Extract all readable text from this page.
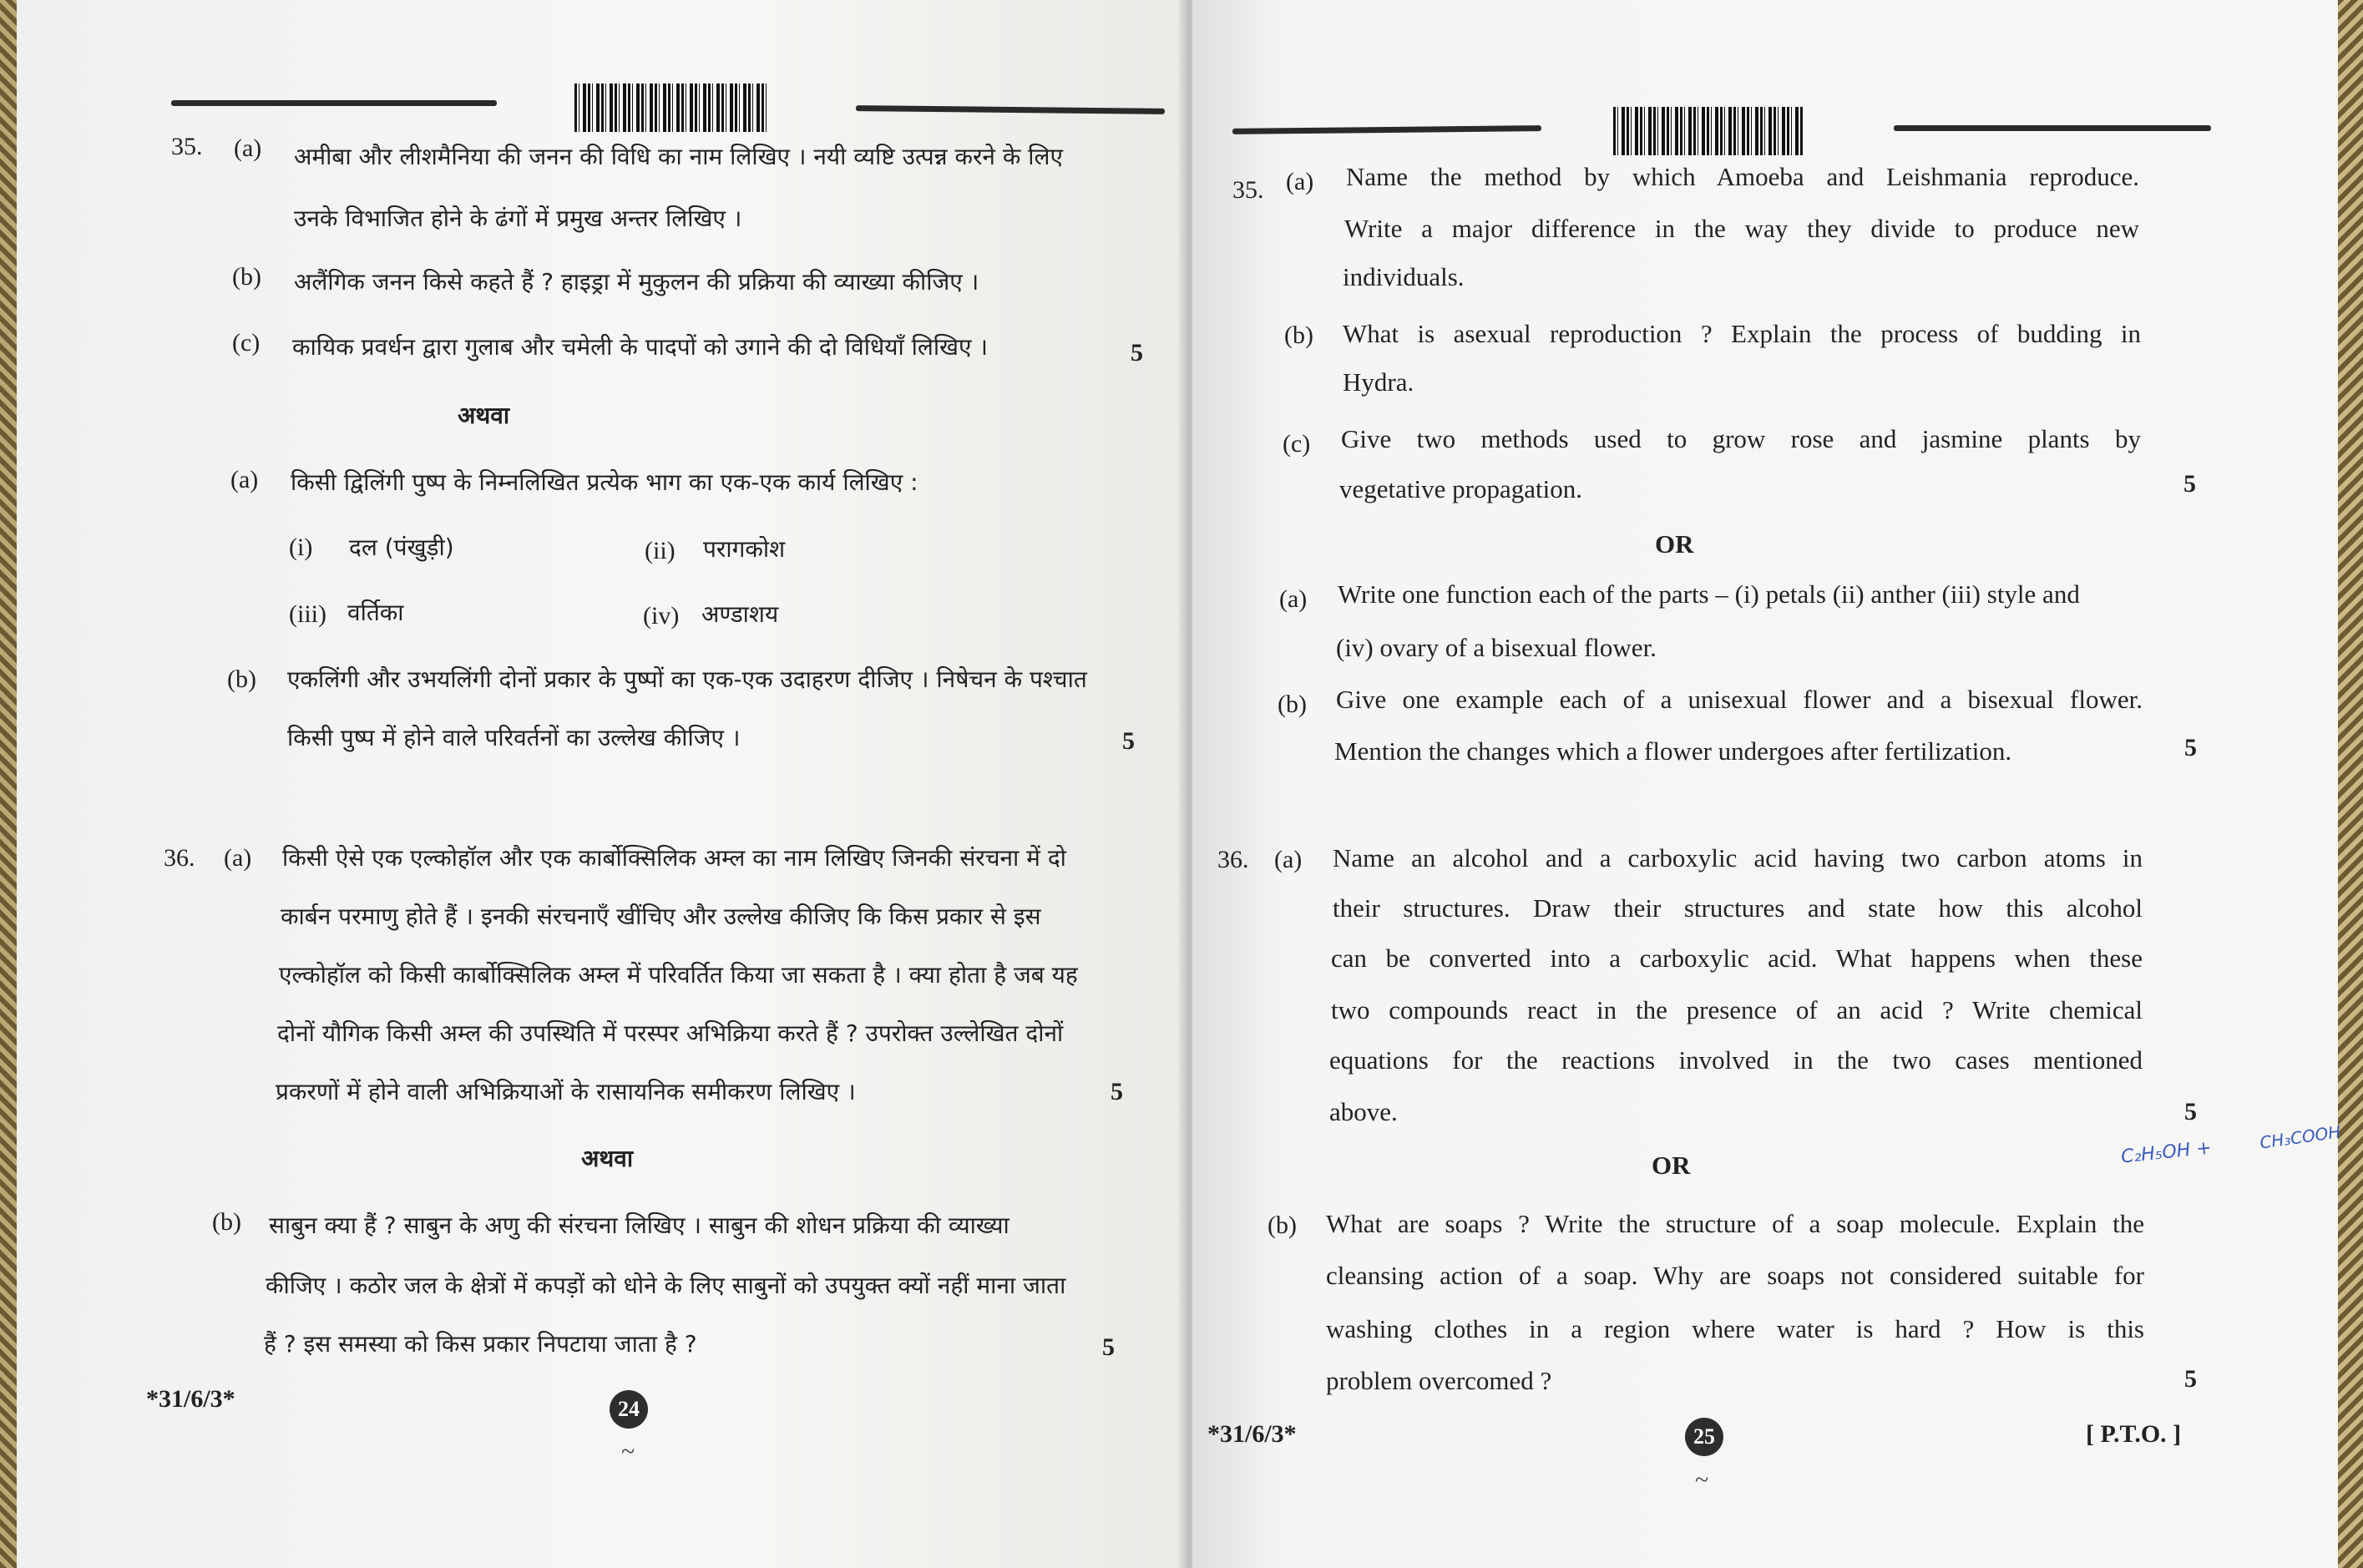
35. (a) अमीबा और लीशमैनिया की जनन की विधि का नाम लिखिए । नयी व्यष्टि उत्पन्न करने के लिए
उनके विभाजित होने के ढंगों में प्रमुख अन्तर लिखिए ।
(b) अलैंगिक जनन किसे कहते हैं ? हाइड्रा में मुकुलन की प्रक्रिया की व्याख्या कीजिए ।
(c) कायिक प्रवर्धन द्वारा गुलाब और चमेली के पादपों को उगाने की दो विधियाँ लिखिए ।	5
अथवा
(a) किसी द्विलिंगी पुष्प के निम्नलिखित प्रत्येक भाग का एक-एक कार्य लिखिए :
(i) दल (पंखुड़ी)	(ii) परागकोश
(iii) वर्तिका	(iv) अण्डाशय
(b) एकलिंगी और उभयलिंगी दोनों प्रकार के पुष्पों का एक-एक उदाहरण दीजिए । निषेचन के पश्चात
किसी पुष्प में होने वाले परिवर्तनों का उल्लेख कीजिए ।	5
36. (a) किसी ऐसे एक एल्कोहॉल और एक कार्बोक्सिलिक अम्ल का नाम लिखिए जिनकी संरचना में दो
कार्बन परमाणु होते हैं । इनकी संरचनाएँ खींचिए और उल्लेख कीजिए कि किस प्रकार से इस
एल्कोहॉल को किसी कार्बोक्सिलिक अम्ल में परिवर्तित किया जा सकता है । क्या होता है जब यह
दोनों यौगिक किसी अम्ल की उपस्थिति में परस्पर अभिक्रिया करते हैं ? उपरोक्त उल्लेखित दोनों
प्रकरणों में होने वाली अभिक्रियाओं के रासायनिक समीकरण लिखिए ।	5
अथवा
(b) साबुन क्या हैं ? साबुन के अणु की संरचना लिखिए । साबुन की शोधन प्रक्रिया की व्याख्या
कीजिए । कठोर जल के क्षेत्रों में कपड़ों को धोने के लिए साबुनों को उपयुक्त क्यों नहीं माना जाता
हैं ? इस समस्या को किस प्रकार निपटाया जाता है ?	5
*31/6/3*	24
~
35. (a) Name the method by which Amoeba and Leishmania reproduce.
Write a major difference in the way they divide to produce new
individuals.
(b) What is asexual reproduction ? Explain the process of budding in
Hydra.
(c) Give two methods used to grow rose and jasmine plants by
vegetative propagation.	5
OR
(a) Write one function each of the parts – (i) petals (ii) anther (iii) style and
(iv) ovary of a bisexual flower.
(b) Give one example each of a unisexual flower and a bisexual flower.
Mention the changes which a flower undergoes after fertilization.	5
36. (a) Name an alcohol and a carboxylic acid having two carbon atoms in
their structures. Draw their structures and state how this alcohol
can be converted into a carboxylic acid. What happens when these
two compounds react in the presence of an acid ? Write chemical
equations for the reactions involved in the two cases mentioned
above.	5
C₂H₅OH +	CH₃COOH
OR
(b) What are soaps ? Write the structure of a soap molecule. Explain the
cleansing action of a soap. Why are soaps not considered suitable for
washing clothes in a region where water is hard ? How is this
problem overcomed ?	5
*31/6/3*	25	[ P.T.O. ]
~
